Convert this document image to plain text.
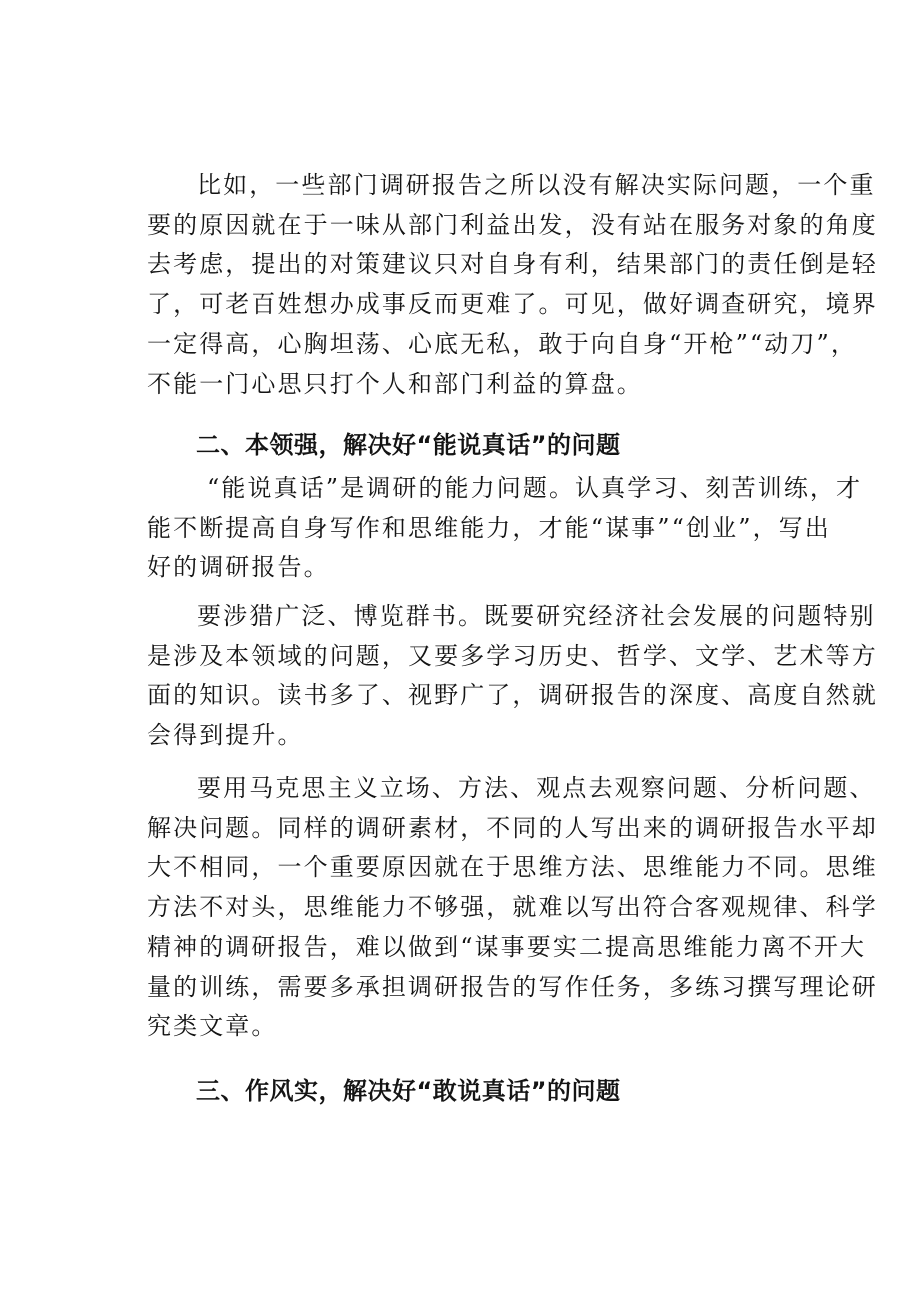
比如，一些部门调研报告之所以没有解决实际问题，一个重
要的原因就在于一味从部门利益出发，没有站在服务对象的角度
去考虑，提出的对策建议只对自身有利，结果部门的责任倒是轻
了，可老百姓想办成事反而更难了。可见，做好调查研究，境界
一定得高，心胸坦荡、心底无私，敢于向自身“开枪”“动刀”，
不能一门心思只打个人和部门利益的算盘。
二、本领强，解决好“能说真话”的问题
“能说真话”是调研的能力问题。认真学习、刻苦训练，才
能不断提高自身写作和思维能力，才能“谋事”“创业”，写出
好的调研报告。
要涉猎广泛、博览群书。既要研究经济社会发展的问题特别
是涉及本领域的问题，又要多学习历史、哲学、文学、艺术等方
面的知识。读书多了、视野广了，调研报告的深度、高度自然就
会得到提升。
要用马克思主义立场、方法、观点去观察问题、分析问题、
解决问题。同样的调研素材，不同的人写出来的调研报告水平却
大不相同，一个重要原因就在于思维方法、思维能力不同。思维
方法不对头，思维能力不够强，就难以写出符合客观规律、科学
精神的调研报告，难以做到“谋事要实二提高思维能力离不开大
量的训练，需要多承担调研报告的写作任务，多练习撰写理论研
究类文章。
三、作风实，解决好“敢说真话”的问题
